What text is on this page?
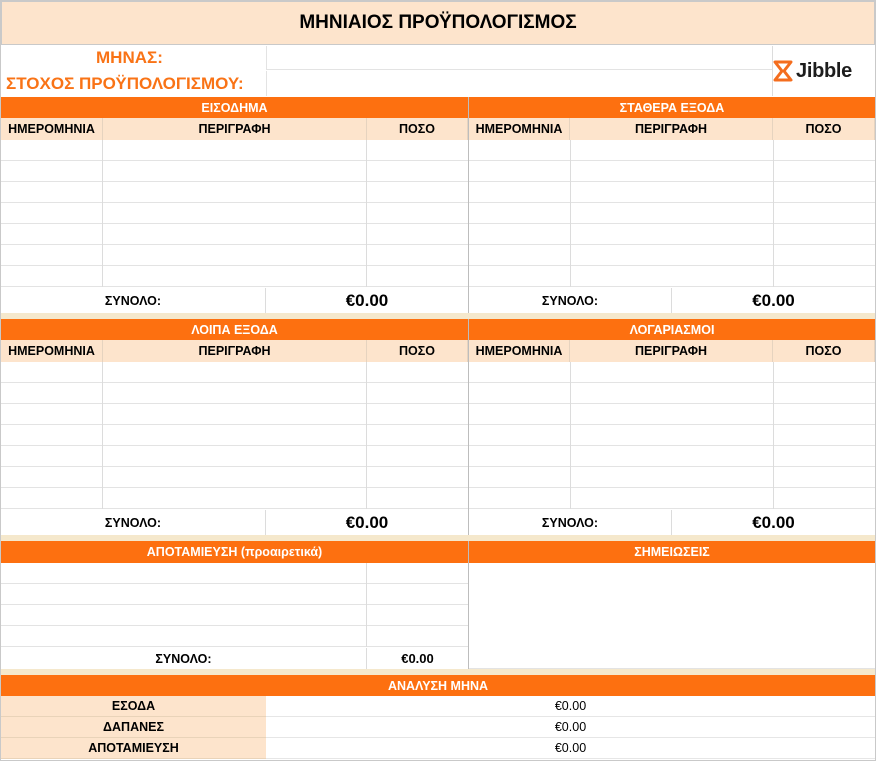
ΜΗΝΙΑΙΟΣ ΠΡΟΫΠΟΛΟΓΙΣΜΟΣ
ΜΗΝΑΣ:
ΣΤΟΧΟΣ ΠΡΟΫΠΟΛΟΓΙΣΜΟΥ:
Jibble
ΕΙΣΟΔΗΜΑ
ΗΜΕΡΟΜΗΝΙΑ	ΠΕΡΙΓΡΑΦΗ	ΠΟΣΟ
ΣΥΝΟΛΟ:	€0.00
ΣΤΑΘΕΡΑ ΕΞΟΔΑ
ΗΜΕΡΟΜΗΝΙΑ	ΠΕΡΙΓΡΑΦΗ	ΠΟΣΟ
ΣΥΝΟΛΟ:	€0.00
ΛΟΙΠΑ ΕΞΟΔΑ
ΗΜΕΡΟΜΗΝΙΑ	ΠΕΡΙΓΡΑΦΗ	ΠΟΣΟ
ΣΥΝΟΛΟ:	€0.00
ΛΟΓΑΡΙΑΣΜΟΙ
ΗΜΕΡΟΜΗΝΙΑ	ΠΕΡΙΓΡΑΦΗ	ΠΟΣΟ
ΣΥΝΟΛΟ:	€0.00
ΑΠΟΤΑΜΙΕΥΣΗ (προαιρετικά)
ΣΥΝΟΛΟ:	€0.00
ΣΗΜΕΙΩΣΕΙΣ
ΑΝΑΛΥΣΗ ΜΗΝΑ
ΕΣΟΔΑ	€0.00
ΔΑΠΑΝΕΣ	€0.00
ΑΠΟΤΑΜΙΕΥΣΗ	€0.00
